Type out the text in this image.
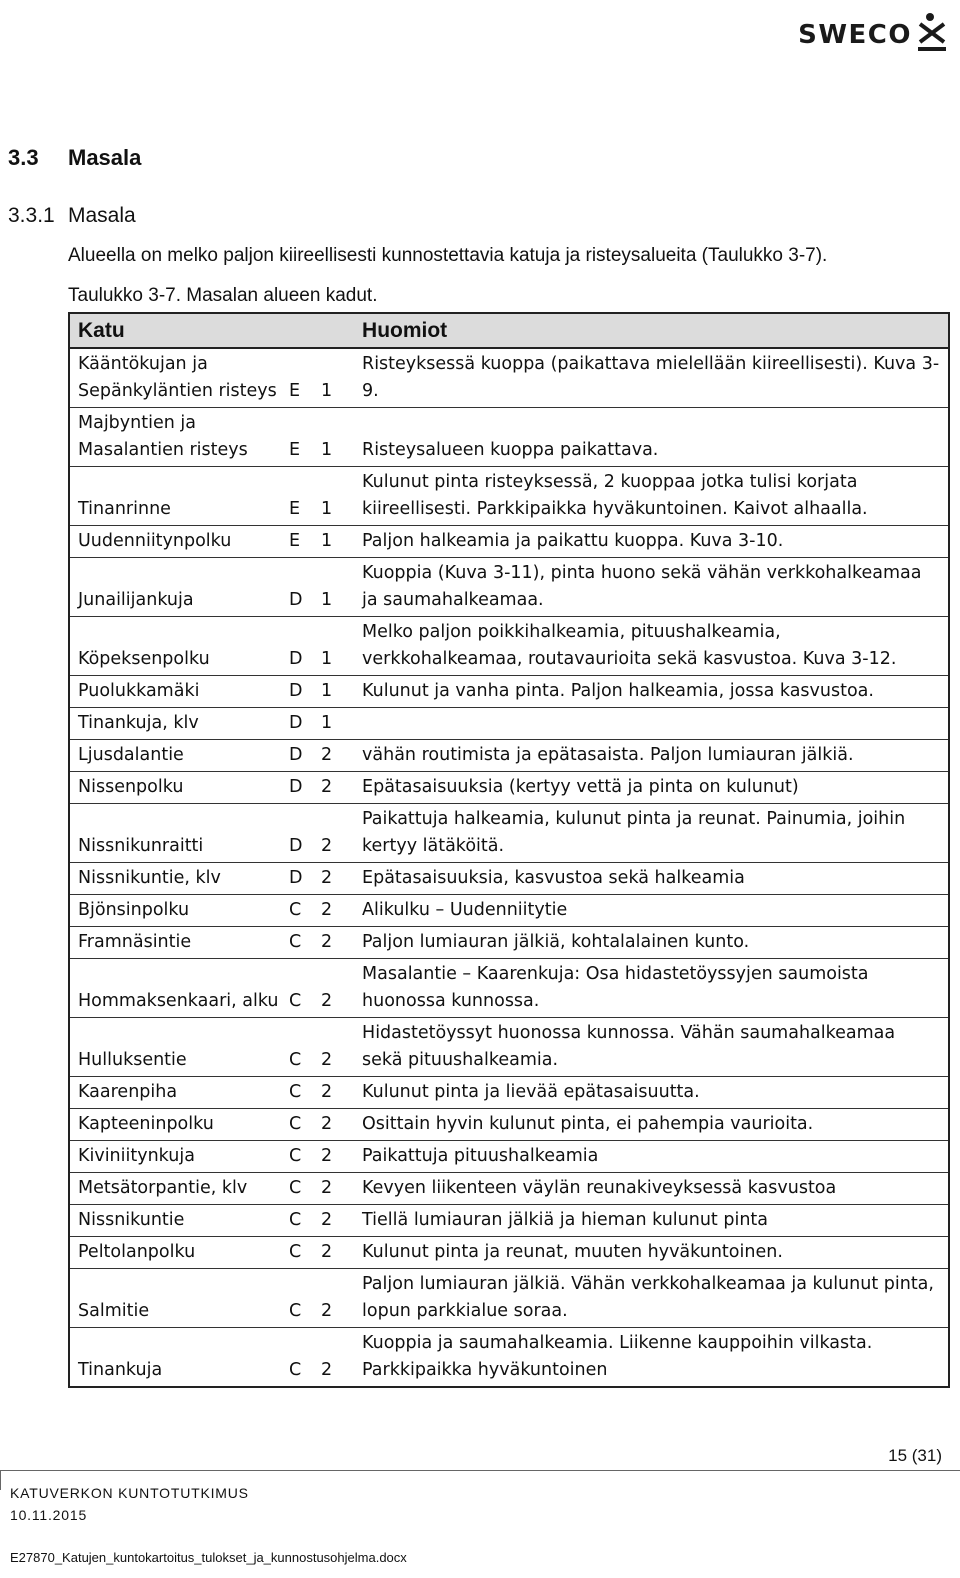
SWECO
3.3 Masala
3.3.1 Masala
Alueella on melko paljon kiireellisesti kunnostettavia katuja ja risteysalueita (Taulukko 3-7).
Taulukko 3-7. Masalan alueen kadut.
Katu			Huomiot
Kääntökujan ja Sepänkyläntien risteys	E	1	Risteyksessä kuoppa (paikattava mielellään kiireellisesti). Kuva 3-9.
Majbyntien ja Masalantien risteys	E	1	Risteysalueen kuoppa paikattava.
Tinanrinne	E	1	Kulunut pinta risteyksessä, 2 kuoppaa jotka tulisi korjata kiireellisesti. Parkkipaikka hyväkuntoinen. Kaivot alhaalla.
Uudenniitynpolku	E	1	Paljon halkeamia ja paikattu kuoppa. Kuva 3-10.
Junailijankuja	D	1	Kuoppia (Kuva 3-11), pinta huono sekä vähän verkkohalkeamaa ja saumahalkeamaa.
Köpeksenpolku	D	1	Melko paljon poikkihalkeamia, pituushalkeamia, verkkohalkeamaa, routavaurioita sekä kasvustoa. Kuva 3-12.
Puolukkamäki	D	1	Kulunut ja vanha pinta. Paljon halkeamia, jossa kasvustoa.
Tinankuja, klv	D	1	
Ljusdalantie	D	2	vähän routimista ja epätasaista. Paljon lumiauran jälkiä.
Nissenpolku	D	2	Epätasaisuuksia (kertyy vettä ja pinta on kulunut)
Nissnikunraitti	D	2	Paikattuja halkeamia, kulunut pinta ja reunat. Painumia, joihin kertyy lätäköitä.
Nissnikuntie, klv	D	2	Epätasaisuuksia, kasvustoa sekä halkeamia
Bjönsinpolku	C	2	Alikulku – Uudenniitytie
Framnäsintie	C	2	Paljon lumiauran jälkiä, kohtalalainen kunto.
Hommaksenkaari, alku	C	2	Masalantie – Kaarenkuja: Osa hidastetöyssyjen saumoista huonossa kunnossa.
Hulluksentie	C	2	Hidastetöyssyt huonossa kunnossa. Vähän saumahalkeamaa sekä pituushalkeamia.
Kaarenpiha	C	2	Kulunut pinta ja lievää epätasaisuutta.
Kapteeninpolku	C	2	Osittain hyvin kulunut pinta, ei pahempia vaurioita.
Kiviniitynkuja	C	2	Paikattuja pituushalkeamia
Metsätorpantie, klv	C	2	Kevyen liikenteen väylän reunakiveyksessä kasvustoa
Nissnikuntie	C	2	Tiellä lumiauran jälkiä ja hieman kulunut pinta
Peltolanpolku	C	2	Kulunut pinta ja reunat, muuten hyväkuntoinen.
Salmitie	C	2	Paljon lumiauran jälkiä. Vähän verkkohalkeamaa ja kulunut pinta, lopun parkkialue soraa.
Tinankuja	C	2	Kuoppia ja saumahalkeamia. Liikenne kauppoihin vilkasta. Parkkipaikka hyväkuntoinen
15 (31)
KATUVERKON KUNTOTUTKIMUS
10.11.2015
E27870_Katujen_kuntokartoitus_tulokset_ja_kunnostusohjelma.docx
